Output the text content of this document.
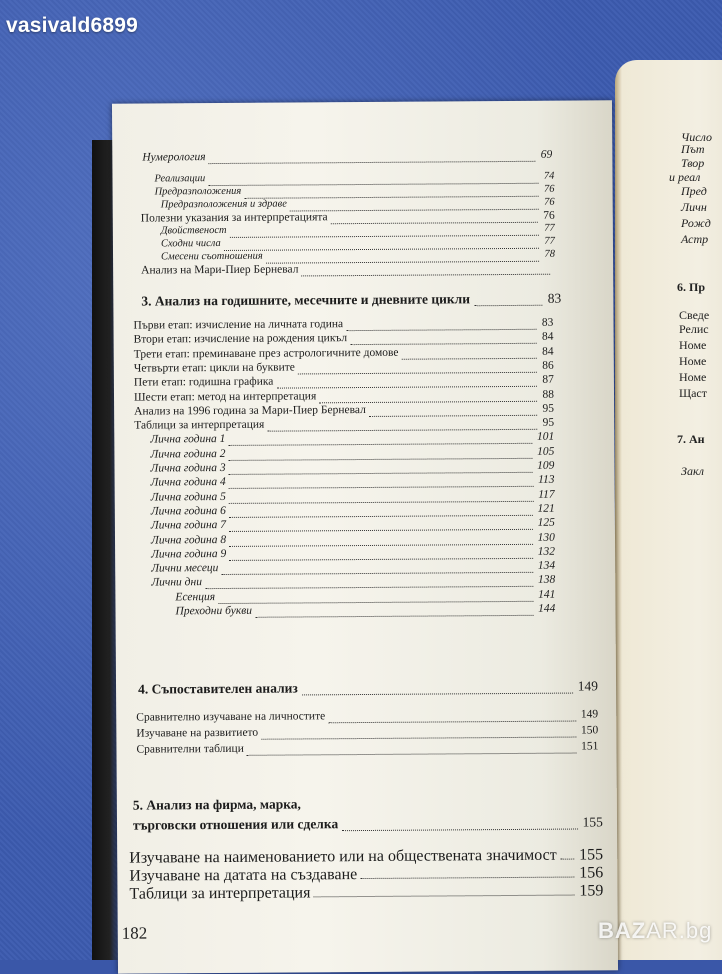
vasivald6899
Число
Път
Твор
и реал
Пред
Личн
Рожд
Астр
6. Пр
Сведе
Релис
Номе
Номе
Номе
Щаст
7. Ан
Закл
182
Нумерология	69
Реализации	74
Предразположения	76
Предразположения и здраве	76
Полезни указания за интерпретацията	76
Двойственост	77
Сходни числа	77
Смесени съотношения	78
Анализ на Мари-Пиер Берневал
3. Анализ на годишните, месечните и дневните цикли	83
Първи етап: изчисление на личната година	83
Втори етап: изчисление на рождения цикъл	84
Трети етап: преминаване през астрологичните домове	84
Четвърти етап: цикли на буквите	86
Пети етап: годишна графика	87
Шести етап: метод на интерпретация	88
Анализ на 1996 година за Мари-Пиер Берневал	95
Таблици за интерпретация	95
Лична година 1	101
Лична година 2	105
Лична година 3	109
Лична година 4	113
Лична година 5	117
Лична година 6	121
Лична година 7	125
Лична година 8	130
Лична година 9	132
Лични месеци	134
Лични дни	138
Есенция	141
Преходни букви	144
4. Съпоставителен анализ	149
Сравнително изучаване на личностите	149
Изучаване на развитието	150
Сравнителни таблици	151
5. Анализ на фирма, марка,
търговски отношения или сделка	155
Изучаване на наименованието или на обществената значимост 155
Изучаване на датата на създаване	156
Таблици за интерпретация	159
BAZAR.bg
